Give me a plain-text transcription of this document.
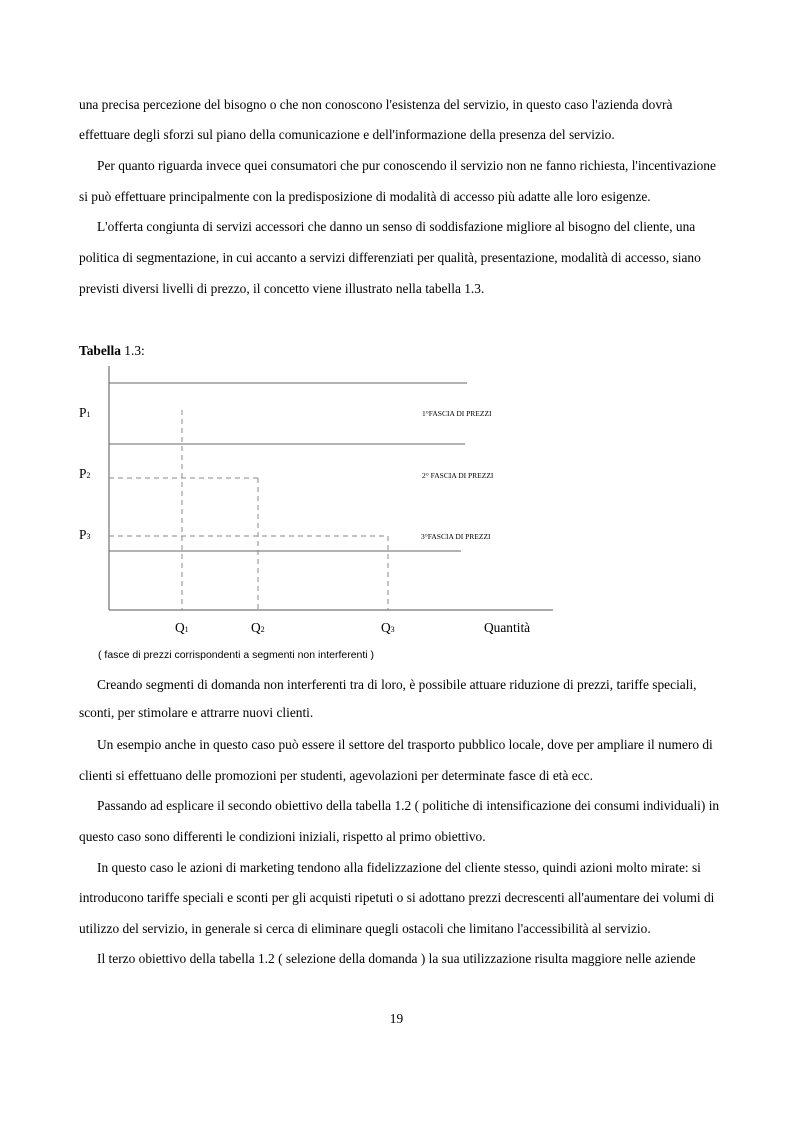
una precisa percezione del bisogno o che non conoscono l'esistenza del servizio, in questo caso l'azienda dovrà
effettuare degli sforzi sul piano della comunicazione e dell'informazione della presenza del servizio.
Per quanto riguarda invece quei consumatori che pur conoscendo il servizio non ne fanno richiesta, l'incentivazione
si può effettuare principalmente con la predisposizione di modalità di accesso più adatte alle loro esigenze.
L'offerta congiunta di servizi accessori che danno un senso di soddisfazione migliore al bisogno del cliente, una
politica di segmentazione, in cui accanto a servizi differenziati per qualità, presentazione, modalità di accesso, siano
previsti diversi livelli di prezzo, il concetto viene illustrato nella tabella 1.3.
Tabella 1.3:
P1
P2
P3
1°FASCIA DI PREZZI
2° FASCIA DI PREZZI
3°FASCIA DI PREZZI
Q1	Q2	Q3	Quantità
( fasce di prezzi corrispondenti a segmenti non interferenti )
Creando segmenti di domanda non interferenti tra di loro, è possibile attuare riduzione di prezzi, tariffe speciali,
sconti, per stimolare e attrarre nuovi clienti.
Un esempio anche in questo caso può essere il settore del trasporto pubblico locale, dove per ampliare il numero di
clienti si effettuano delle promozioni per studenti, agevolazioni per determinate fasce di età ecc.
Passando ad esplicare il secondo obiettivo della tabella 1.2 ( politiche di intensificazione dei consumi individuali) in
questo caso sono differenti le condizioni iniziali, rispetto al primo obiettivo.
In questo caso le azioni di marketing tendono alla fidelizzazione del cliente stesso, quindi azioni molto mirate: si
introducono tariffe speciali e sconti per gli acquisti ripetuti o si adottano prezzi decrescenti all'aumentare dei volumi di
utilizzo del servizio, in generale si cerca di eliminare quegli ostacoli che limitano l'accessibilità al servizio.
Il terzo obiettivo della tabella 1.2 ( selezione della domanda ) la sua utilizzazione risulta maggiore nelle aziende
19
